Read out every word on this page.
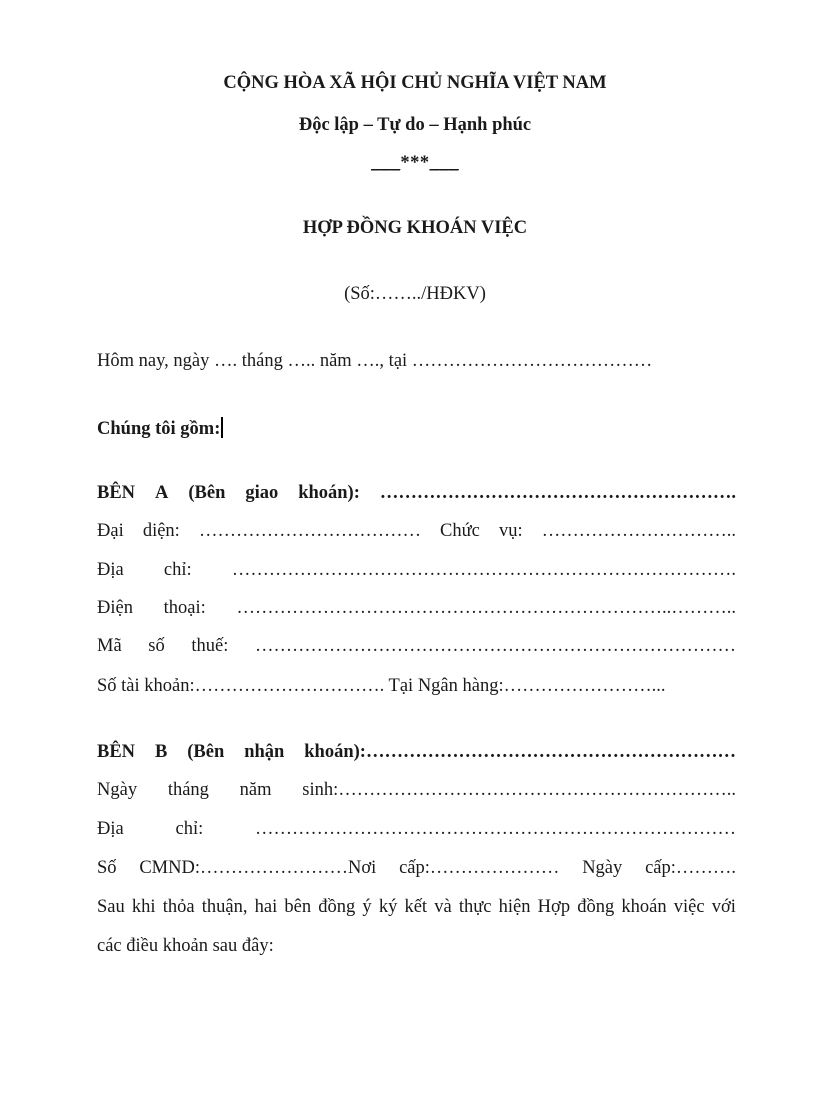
CỘNG HÒA XÃ HỘI CHỦ NGHĨA VIỆT NAM
Độc lập – Tự do – Hạnh phúc
___***___
HỢP ĐỒNG KHOÁN VIỆC
(Số:……../HĐKV)
Hôm nay, ngày …. tháng ….. năm …., tại …………………………………
Chúng tôi gồm:
BÊN A (Bên giao khoán): ………………………………………………….
Đại diện: ……………………………… Chức vụ: …………………………..
Địa chỉ: ……………………………………………………………………….
Điện thoại: ……………………………………………………………..………..
Mã số thuế: ……………………………………………………………………
Số tài khoản:…………………………. Tại Ngân hàng:……………………...
BÊN B (Bên nhận khoán):……………………………………………………
Ngày tháng năm sinh:………………………………………………………..
Địa	chỉ:	……………………………………………………………………
Số CMND:……………………Nơi cấp:………………… Ngày cấp:……….
Sau khi thỏa thuận, hai bên đồng ý ký kết và thực hiện Hợp đồng khoán việc với
các điều khoản sau đây:
